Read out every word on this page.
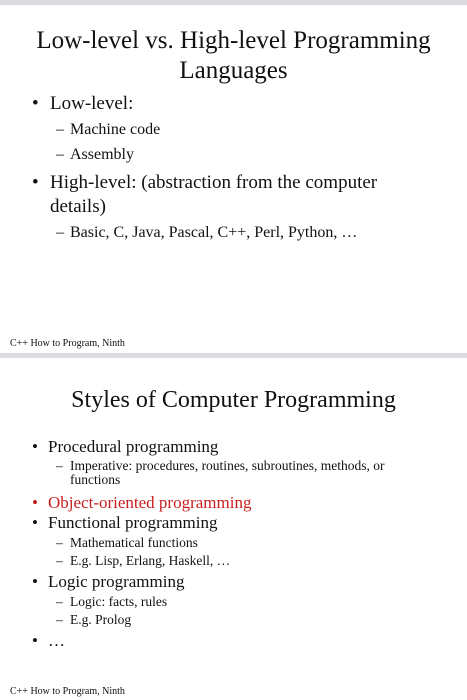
Low-level vs. High-level Programming Languages
• Low-level:
– Machine code
– Assembly
• High-level: (abstraction from the computer details)
– Basic, C, Java, Pascal, C++, Perl, Python, …
C++ How to Program, Ninth
Styles of Computer Programming
• Procedural programming
– Imperative: procedures, routines, subroutines, methods, or functions
• Object-oriented programming
• Functional programming
– Mathematical functions
– E.g. Lisp, Erlang, Haskell, …
• Logic programming
– Logic: facts, rules
– E.g. Prolog
• …
C++ How to Program, Ninth
